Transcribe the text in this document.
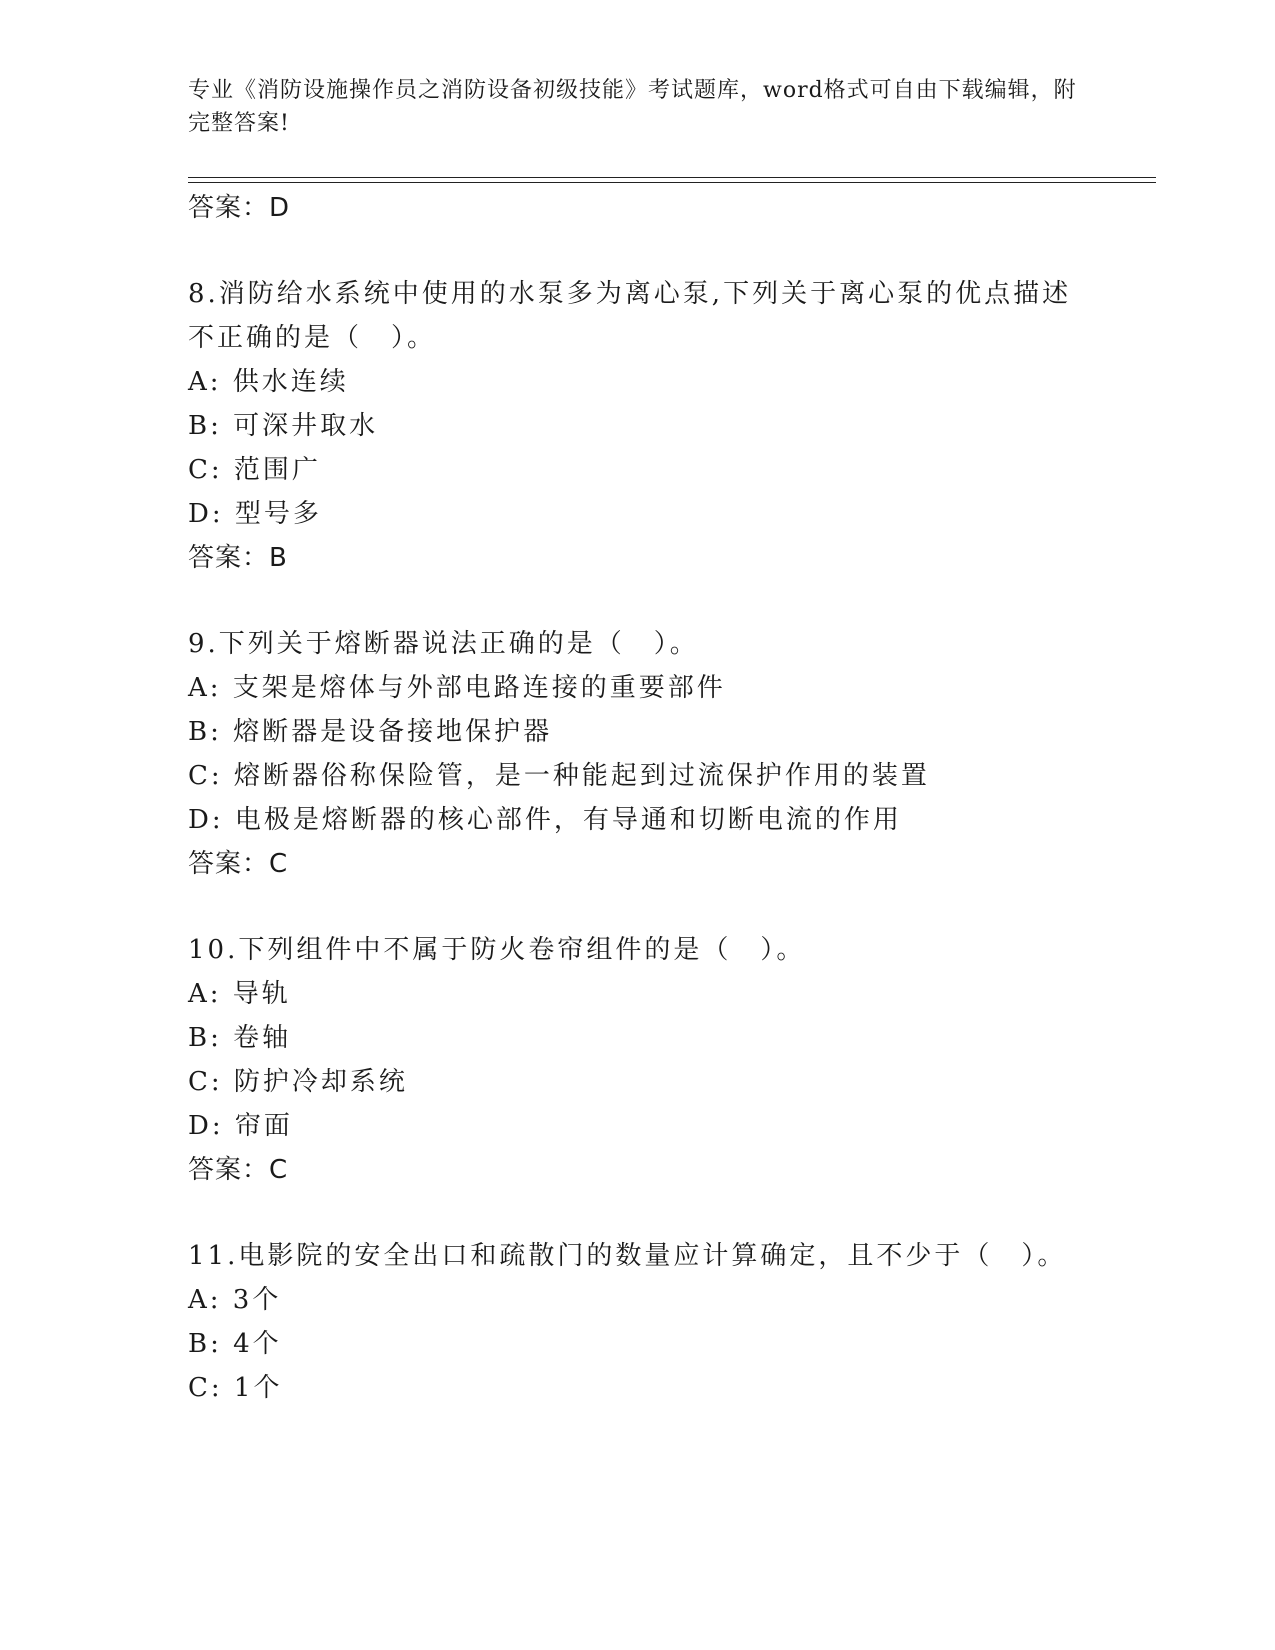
专业《消防设施操作员之消防设备初级技能》考试题库，word格式可自由下载编辑，附完整答案!
答案：D
8.消防给水系统中使用的水泵多为离心泵,下列关于离心泵的优点描述
不正确的是（　）。
A: 供水连续
B: 可深井取水
C: 范围广
D: 型号多
答案：B
9.下列关于熔断器说法正确的是（　）。
A: 支架是熔体与外部电路连接的重要部件
B: 熔断器是设备接地保护器
C: 熔断器俗称保险管，是一种能起到过流保护作用的装置
D: 电极是熔断器的核心部件，有导通和切断电流的作用
答案：C
10.下列组件中不属于防火卷帘组件的是（　）。
A: 导轨
B: 卷轴
C: 防护冷却系统
D: 帘面
答案：C
11.电影院的安全出口和疏散门的数量应计算确定，且不少于（　）。
A: 3个
B: 4个
C: 1个
